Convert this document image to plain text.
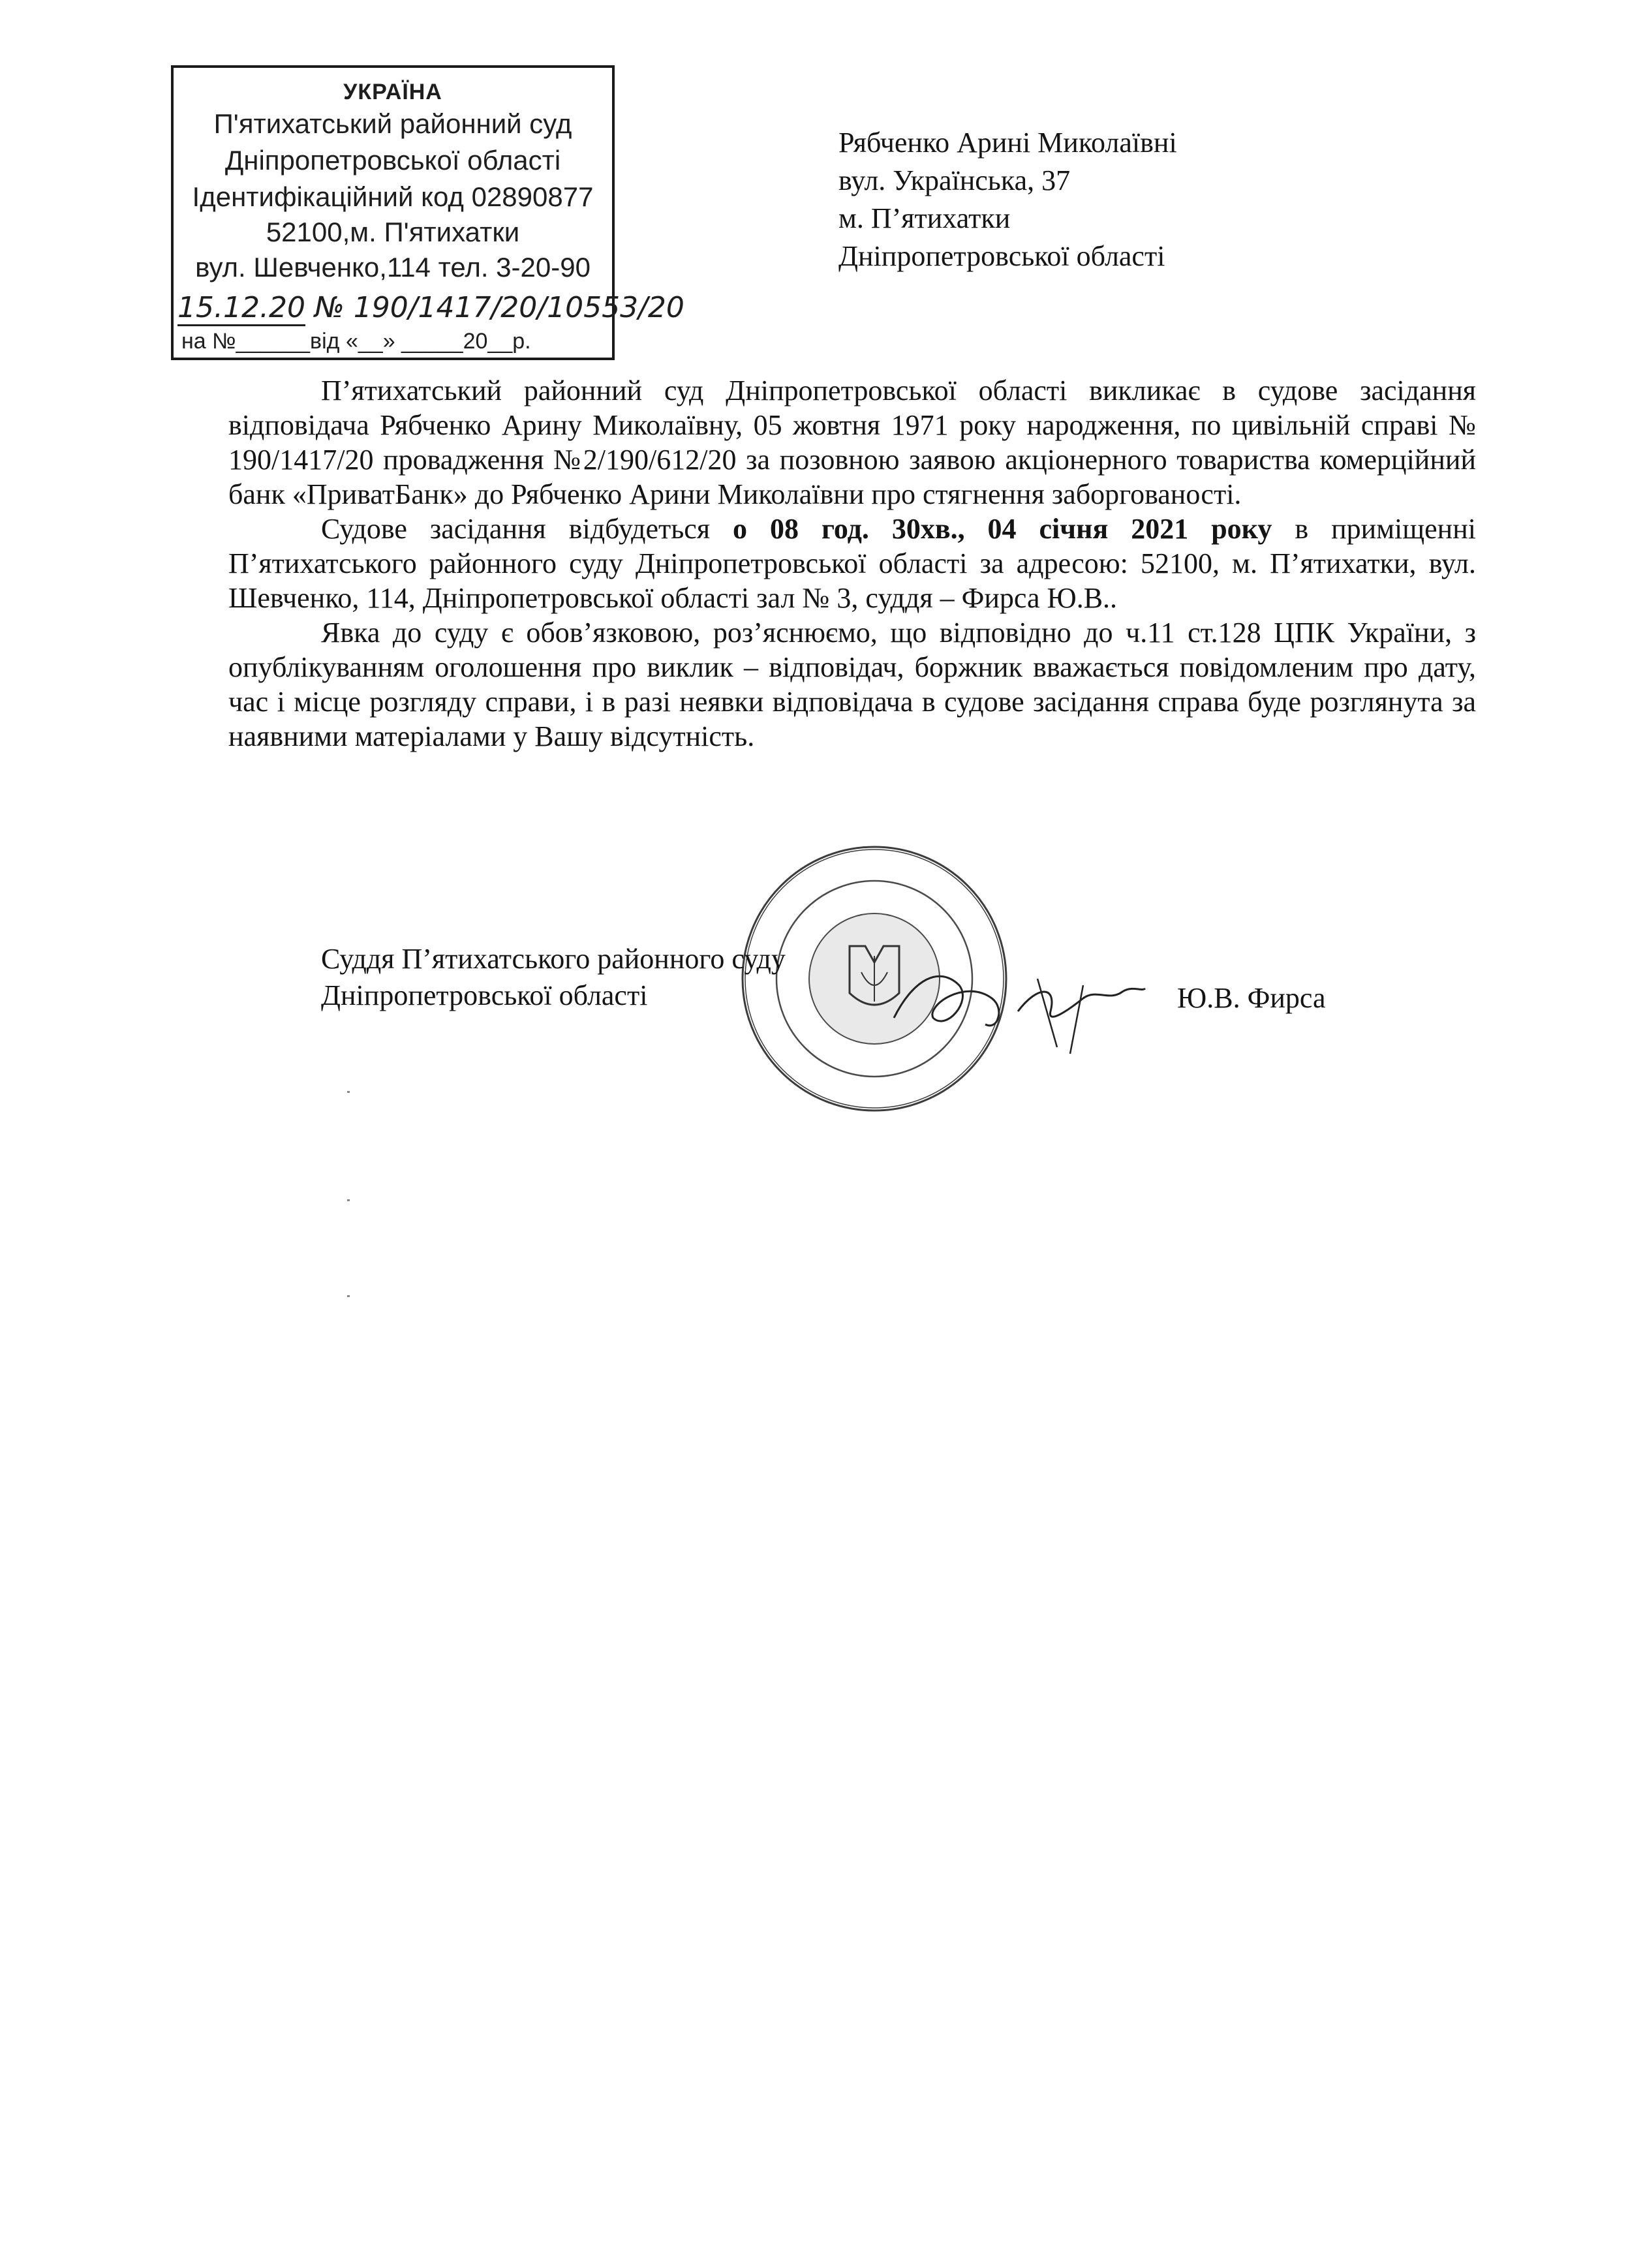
УКРАЇНА
П'ятихатський районний суд
Дніпропетровської області
Ідентифікаційний код 02890877
52100,м. П'ятихатки
вул. Шевченко,114 тел. 3-20-90
15.12.20 № 190/1417/20/10553/20
на №______від «__» _____20__р.
Рябченко Арині Миколаївні
вул. Українська, 37
м. П’ятихатки
Дніпропетровської області

П’ятихатський районний суд Дніпропетровської області викликає в судове засідання відповідача Рябченко Арину Миколаївну, 05 жовтня 1971 року народження, по цивільній справі № 190/1417/20 провадження №2/190/612/20 за позовною заявою акціонерного товариства комерційний банк «ПриватБанк» до Рябченко Арини Миколаївни про стягнення заборгованості.

Судове засідання відбудеться о 08 год. 30хв., 04 січня 2021 року в приміщенні П’ятихатського районного суду Дніпропетровської області за адресою: 52100, м. П’ятихатки, вул. Шевченко, 114, Дніпропетровської області зал № 3, суддя – Фирса Ю.В..

Явка до суду є обов’язковою, роз’яснюємо, що відповідно до ч.11 ст.128 ЦПК України, з опублікуванням оголошення про виклик – відповідач, боржник вважається повідомленим про дату, час і місце розгляду справи, і в разі неявки відповідача в судове засідання справа буде розглянута за наявними матеріалами у Вашу відсутність.

Суддя П’ятихатського районного суду
Дніпропетровської області	Ю.В. Фирса
